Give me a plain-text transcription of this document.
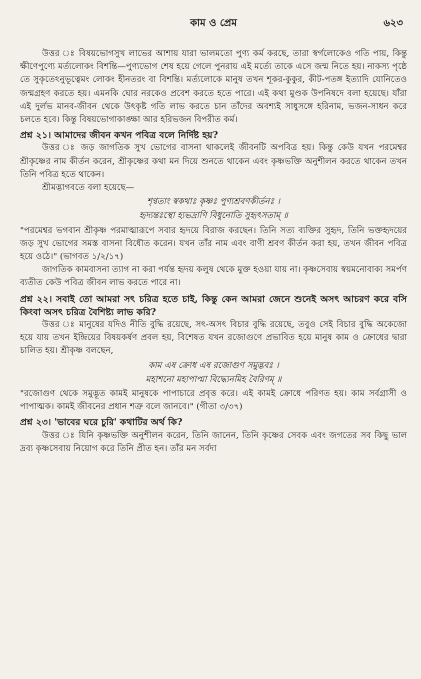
কাম ও প্রেম	৬২৩

উত্তর ঃ বিষয়ভোগসুখ লাভের আশায় যারা ভালমতো পুণ্য কর্ম করছে, তারা স্বর্গলোকেও গতি পায়, কিন্তু ক্ষীণেপুণ্যে মর্ত্যলোকং বিশন্তি—পুণ্যভোগ শেষ হয়ে গেলে পুনরায় এই মর্ত্যে তাকে এসে জন্ম নিতে হয়। নাকস্য পৃষ্ঠে তে সুকৃতেঽনুভূত্বেমং লোকং হীনতরং বা বিশন্তি। মর্ত্যলোকে মানুষ তখন শূকর-কুকুর, কীট-পতঙ্গ ইত্যাদি যোনিতেও জন্মগ্রহণ করতে হয়। এমনকি ঘোর নরকেও প্রবেশ করতে হতে পারে। এই কথা মুণ্ডক উপনিষদে বলা হয়েছে। যাঁরা এই দুর্লভ মানব-জীবন থেকে উৎকৃষ্ট গতি লাভ করতে চান তাঁদের অবশ্যই সাধুসঙ্গে হরিনাম, ভজন-সাধন করে চলতে হবে। কিন্তু বিষয়ভোগাকাঙ্ক্ষা আর হরিভজন বিপরীত কর্ম।

প্রশ্ন ২১। আমাদের জীবন কখন পবিত্র বলে নির্দিষ্ট হয়?

উত্তর ঃ জড় জাগতিক সুখ ভোগের বাসনা থাকলেই জীবনটি অপবিত্র হয়। কিন্তু কেউ যখন পরমেশ্বর শ্রীকৃষ্ণের নাম কীর্তন করেন, শ্রীকৃষ্ণের কথা মন দিয়ে শুনতে থাকেন এবং কৃষ্ণভক্তি অনুশীলন করতে থাকেন তখন তিনি পবিত্র হতে থাকেন।

শ্রীমদ্ভাগবতে বলা হয়েছে—

শৃণ্বতাং স্বকথাঃ কৃষ্ণঃ পুণ্যশ্রবণকীর্তনঃ ।

হৃদ্যন্তঃস্থো হ্যভদ্রাণি বিধুনোতি সুহৃৎসতাম্ ॥

"পরমেশ্বর ভগবান শ্রীকৃষ্ণ পরমাত্মারূপে সবার হৃদয়ে বিরাজ করছেন। তিনি সত্য ব্যক্তির সুহৃদ, তিনি ভক্তহৃদয়ের জড় সুখ ভোগের সমস্ত বাসনা বিধৌত করেন। যখন তাঁর নাম এবং বাণী শ্রবণ কীর্তন করা হয়, তখন জীবন পবিত্র হয়ে ওঠে।" (ভাগবত ১/২/১৭)

জাগতিক কামবাসনা ত্যাগ না করা পর্যন্ত হৃদয় কলুষ থেকে মুক্ত হওয়া যায় না। কৃষ্ণসেবায় স্বয়মনোবাক্য সমর্পণ ব্যতীত কেউ পবিত্র জীবন লাভ করতে পারে না।

প্রশ্ন ২২। সবাই তো আমরা সৎ চরিত্র হতে চাই, কিন্তু কেন আমরা জেনে শুনেই অসৎ আচরণ করে বসি কিংবা অসৎ চরিত্র বৈশিষ্ট্য লাভ করি?

উত্তর ঃ মানুষের যদিও নীতি বুদ্ধি রয়েছে, সৎ-অসৎ বিচার বুদ্ধি রয়েছে, তবুও সেই বিচার বুদ্ধি অকেজো হয়ে যায় তখন ইন্দ্রিয়ের বিষয়কর্ষণ প্রবল হয়, বিশেষত যখন রজোগুণে প্রভাবিত হয়ে মানুষ কাম ও ক্রোধের দ্বারা চালিত হয়। শ্রীকৃষ্ণ বলছেন,

কাম এষ ক্রোধ এষ রজোগুণ সমুদ্ভবঃ ।

মহাশনো মহাপাপ্মা বিদ্ধ্যেনমিহ বৈরিণম্ ॥

"রজোগুণ থেকে সমুদ্ভূত কামই মানুষকে পাপাচারে প্রবৃত্ত করে। এই কামই ক্রোধে পরিণত হয়। কাম সর্বগ্রাসী ও পাপাত্মক। কামই জীবনের প্রধান শত্রু বলে জানবে।" (গীতা ৩/৩৭)

প্রশ্ন ২৩। 'ভাবের ঘরে চুরি' কথাটির অর্থ কি?

উত্তর ঃ যিনি কৃষ্ণভক্তি অনুশীলন করেন, তিনি জানেন, তিনি কৃষ্ণের সেবক এবং জগতের সব কিছু ভাল দ্রব্য কৃষ্ণসেবায় নিয়োগ করে তিনি প্রীত হন। তাঁর মন সর্বদা
